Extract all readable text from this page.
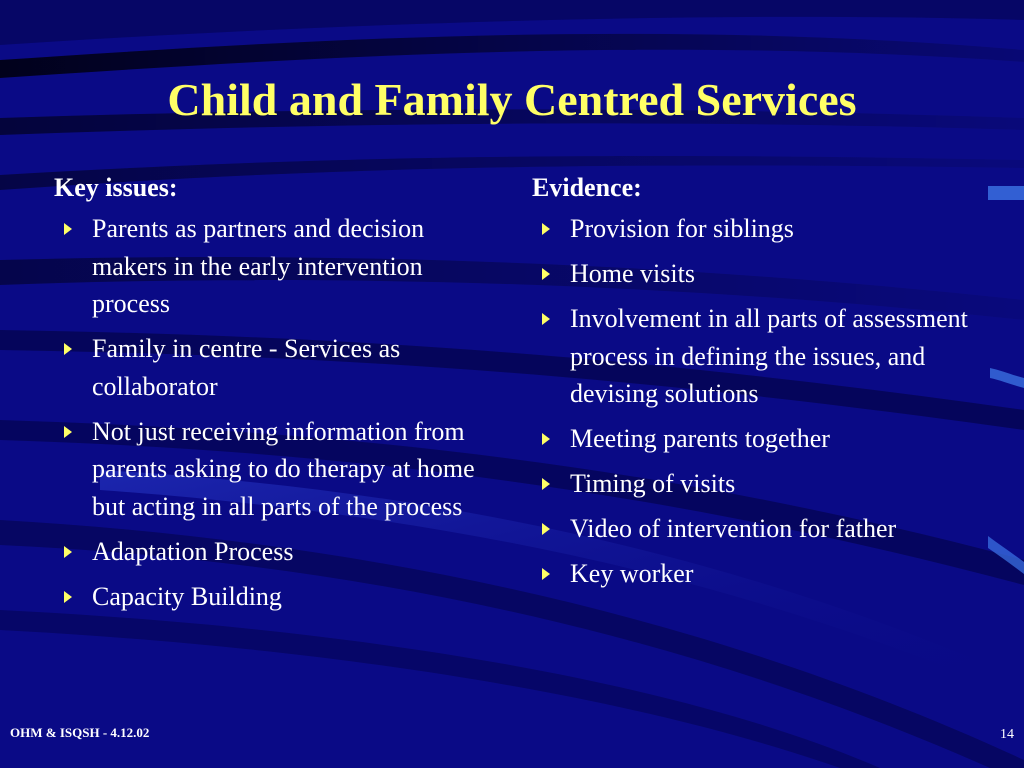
Child and Family Centred Services
Key issues:
Parents as partners and decision makers in the early intervention process
Family in centre - Services as collaborator
Not just receiving information from parents asking to do therapy at home but acting in all parts of the process
Adaptation Process
Capacity Building
Evidence:
Provision for siblings
Home visits
Involvement in all parts of assessment process in defining the issues, and devising solutions
Meeting parents together
Timing of visits
Video of intervention for father
Key worker
OHM & ISQSH - 4.12.02	14
